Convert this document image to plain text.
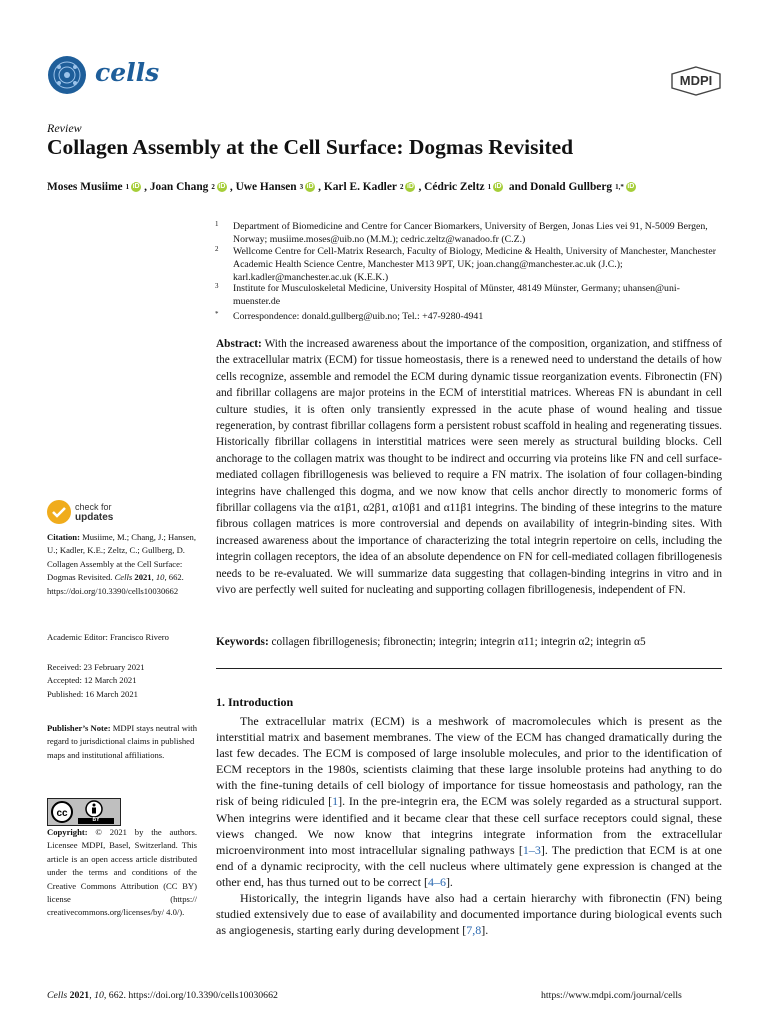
cells	MDPI
Review
Collagen Assembly at the Cell Surface: Dogmas Revisited
Moses Musiime 1 iD , Joan Chang 2 iD , Uwe Hansen 3 iD , Karl E. Kadler 2 iD , Cédric Zeltz 1 iD and Donald Gullberg 1,* iD
1 Department of Biomedicine and Centre for Cancer Biomarkers, University of Bergen, Jonas Lies vei 91, N-5009 Bergen, Norway; musiime.moses@uib.no (M.M.); cedric.zeltz@wanadoo.fr (C.Z.)
2 Wellcome Centre for Cell-Matrix Research, Faculty of Biology, Medicine & Health, University of Manchester, Manchester Academic Health Science Centre, Manchester M13 9PT, UK; joan.chang@manchester.ac.uk (J.C.); karl.kadler@manchester.ac.uk (K.E.K.)
3 Institute for Musculoskeletal Medicine, University Hospital of Münster, 48149 Münster, Germany; uhansen@uni-muenster.de
* Correspondence: donald.gullberg@uib.no; Tel.: +47-9280-4941
Abstract: With the increased awareness about the importance of the composition, organization, and stiffness of the extracellular matrix (ECM) for tissue homeostasis, there is a renewed need to understand the details of how cells recognize, assemble and remodel the ECM during dynamic tissue reorganization events. Fibronectin (FN) and fibrillar collagens are major proteins in the ECM of interstitial matrices. Whereas FN is abundant in cell culture studies, it is often only transiently expressed in the acute phase of wound healing and tissue regeneration, by contrast fibrillar collagens form a persistent robust scaffold in healing and regenerating tissues. Historically fibrillar collagens in interstitial matrices were seen merely as structural building blocks. Cell anchorage to the collagen matrix was thought to be indirect and occurring via proteins like FN and cell surface-mediated collagen fibrillogenesis was believed to require a FN matrix. The isolation of four collagen-binding integrins have challenged this dogma, and we now know that cells anchor directly to monomeric forms of fibrillar collagens via the α1β1, α2β1, α10β1 and α11β1 integrins. The binding of these integrins to the mature fibrous collagen matrices is more controversial and depends on availability of integrin-binding sites. With increased awareness about the importance of characterizing the total integrin repertoire on cells, including the integrin collagen receptors, the idea of an absolute dependence on FN for cell-mediated collagen fibrillogenesis needs to be re-evaluated. We will summarize data suggesting that collagen-binding integrins in vitro and in vivo are perfectly well suited for nucleating and supporting collagen fibrillogenesis, independent of FN.
Keywords: collagen fibrillogenesis; fibronectin; integrin; integrin α11; integrin α2; integrin α5
1. Introduction

The extracellular matrix (ECM) is a meshwork of macromolecules which is present as the interstitial matrix and basement membranes. The view of the ECM has changed dramatically during the last few decades. The ECM is composed of large insoluble molecules, and prior to the identification of ECM receptors in the 1980s, scientists claiming that these large insoluble proteins had anything to do with the fine-tuning details of cell biology of importance for tissue homeostasis and pathology, ran the risk of being ridiculed [1]. In the pre-integrin era, the ECM was solely regarded as a structural support. When integrins were identified and it became clear that these cell surface receptors could signal, these views changed. We now know that integrins integrate information from the extracellular microenvironment into most intracellular signaling pathways [1–3]. The prediction that ECM is at one end of a dynamic reciprocity, with the cell nucleus where ultimately gene expression is changed at the other end, has thus turned out to be correct [4–6].

Historically, the integrin ligands have also had a certain hierarchy with fibronectin (FN) being studied extensively due to ease of availability and documented importance during biological events such as angiogenesis, starting early during development [7,8].

check for
updates
Citation: Musiime, M.; Chang, J.; Hansen, U.; Kadler, K.E.; Zeltz, C.; Gullberg, D. Collagen Assembly at the Cell Surface: Dogmas Revisited. Cells 2021, 10, 662. https://doi.org/10.3390/cells10030662
Academic Editor: Francisco Rivero
Received: 23 February 2021
Accepted: 12 March 2021
Published: 16 March 2021
Publisher’s Note: MDPI stays neutral with regard to jurisdictional claims in published maps and institutional affiliations.
cc
BY
Copyright: © 2021 by the authors. Licensee MDPI, Basel, Switzerland. This article is an open access article distributed under the terms and conditions of the Creative Commons Attribution (CC BY) license (https:// creativecommons.org/licenses/by/ 4.0/).
Cells 2021, 10, 662. https://doi.org/10.3390/cells10030662	https://www.mdpi.com/journal/cells
